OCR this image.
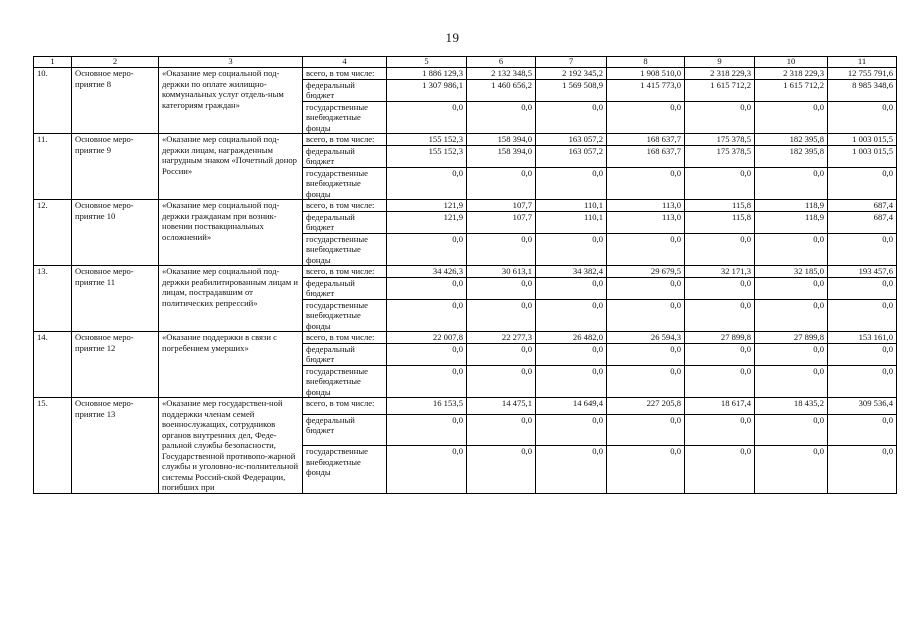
19
1	2	3	4	5	6	7	8	9	10	11
10.	Основное меро-приятие 8	«Оказание мер социальной под-держки по оплате жилищно-коммунальных услуг отдель-ным категориям граждан»	всего, в том числе:	1 886 129,3	2 132 348,5	2 192 345,2	1 908 510,0	2 318 229,3	2 318 229,3	12 755 791,6
			федеральный бюджет	1 307 986,1	1 460 656,2	1 569 508,9	1 415 773,0	1 615 712,2	1 615 712,2	8 985 348,6
			государственные внебюджетные фонды	0,0	0,0	0,0	0,0	0,0	0,0	0,0
11.	Основное меро-приятие 9	«Оказание мер социальной под-держки лицам, награжденным нагрудным знаком «Почетный донор России»	всего, в том числе:	155 152,3	158 394,0	163 057,2	168 637,7	175 378,5	182 395,8	1 003 015,5
			федеральный бюджет	155 152,3	158 394,0	163 057,2	168 637,7	175 378,5	182 395,8	1 003 015,5
			государственные внебюджетные фонды	0,0	0,0	0,0	0,0	0,0	0,0	0,0
12.	Основное меро-приятие 10	«Оказание мер социальной под-держки гражданам при возник-новении поствакцинальных осложнений»	всего, в том числе:	121,9	107,7	110,1	113,0	115,8	118,9	687,4
			федеральный бюджет	121,9	107,7	110,1	113,0	115,8	118,9	687,4
			государственные внебюджетные фонды	0,0	0,0	0,0	0,0	0,0	0,0	0,0
13.	Основное меро-приятие 11	«Оказание мер социальной под-держки реабилитированным лицам и лицам, пострадавшим от политических репрессий»	всего, в том числе:	34 426,3	30 613,1	34 382,4	29 679,5	32 171,3	32 185,0	193 457,6
			федеральный бюджет	0,0	0,0	0,0	0,0	0,0	0,0	0,0
			государственные внебюджетные фонды	0,0	0,0	0,0	0,0	0,0	0,0	0,0
14.	Основное меро-приятие 12	«Оказание поддержки в связи с погребением умерших»	всего, в том числе:	22 007,8	22 277,3	26 482,0	26 594,3	27 899,8	27 899,8	153 161,0
			федеральный бюджет	0,0	0,0	0,0	0,0	0,0	0,0	0,0
			государственные внебюджетные фонды	0,0	0,0	0,0	0,0	0,0	0,0	0,0
15.	Основное меро-приятие 13	«Оказание мер государствен-ной поддержки членам семей военнослужащих, сотрудников органов внутренних дел, Феде-ральной службы безопасности, Государственной противопо-жарной службы и уголовно-ис-полнительной системы Россий-ской Федерации, погибших при	всего, в том числе:	16 153,5	14 475,1	14 649,4	227 205,8	18 617,4	18 435,2	309 536,4
			федеральный бюджет	0,0	0,0	0,0	0,0	0,0	0,0	0,0
			государственные внебюджетные фонды	0,0	0,0	0,0	0,0	0,0	0,0	0,0
